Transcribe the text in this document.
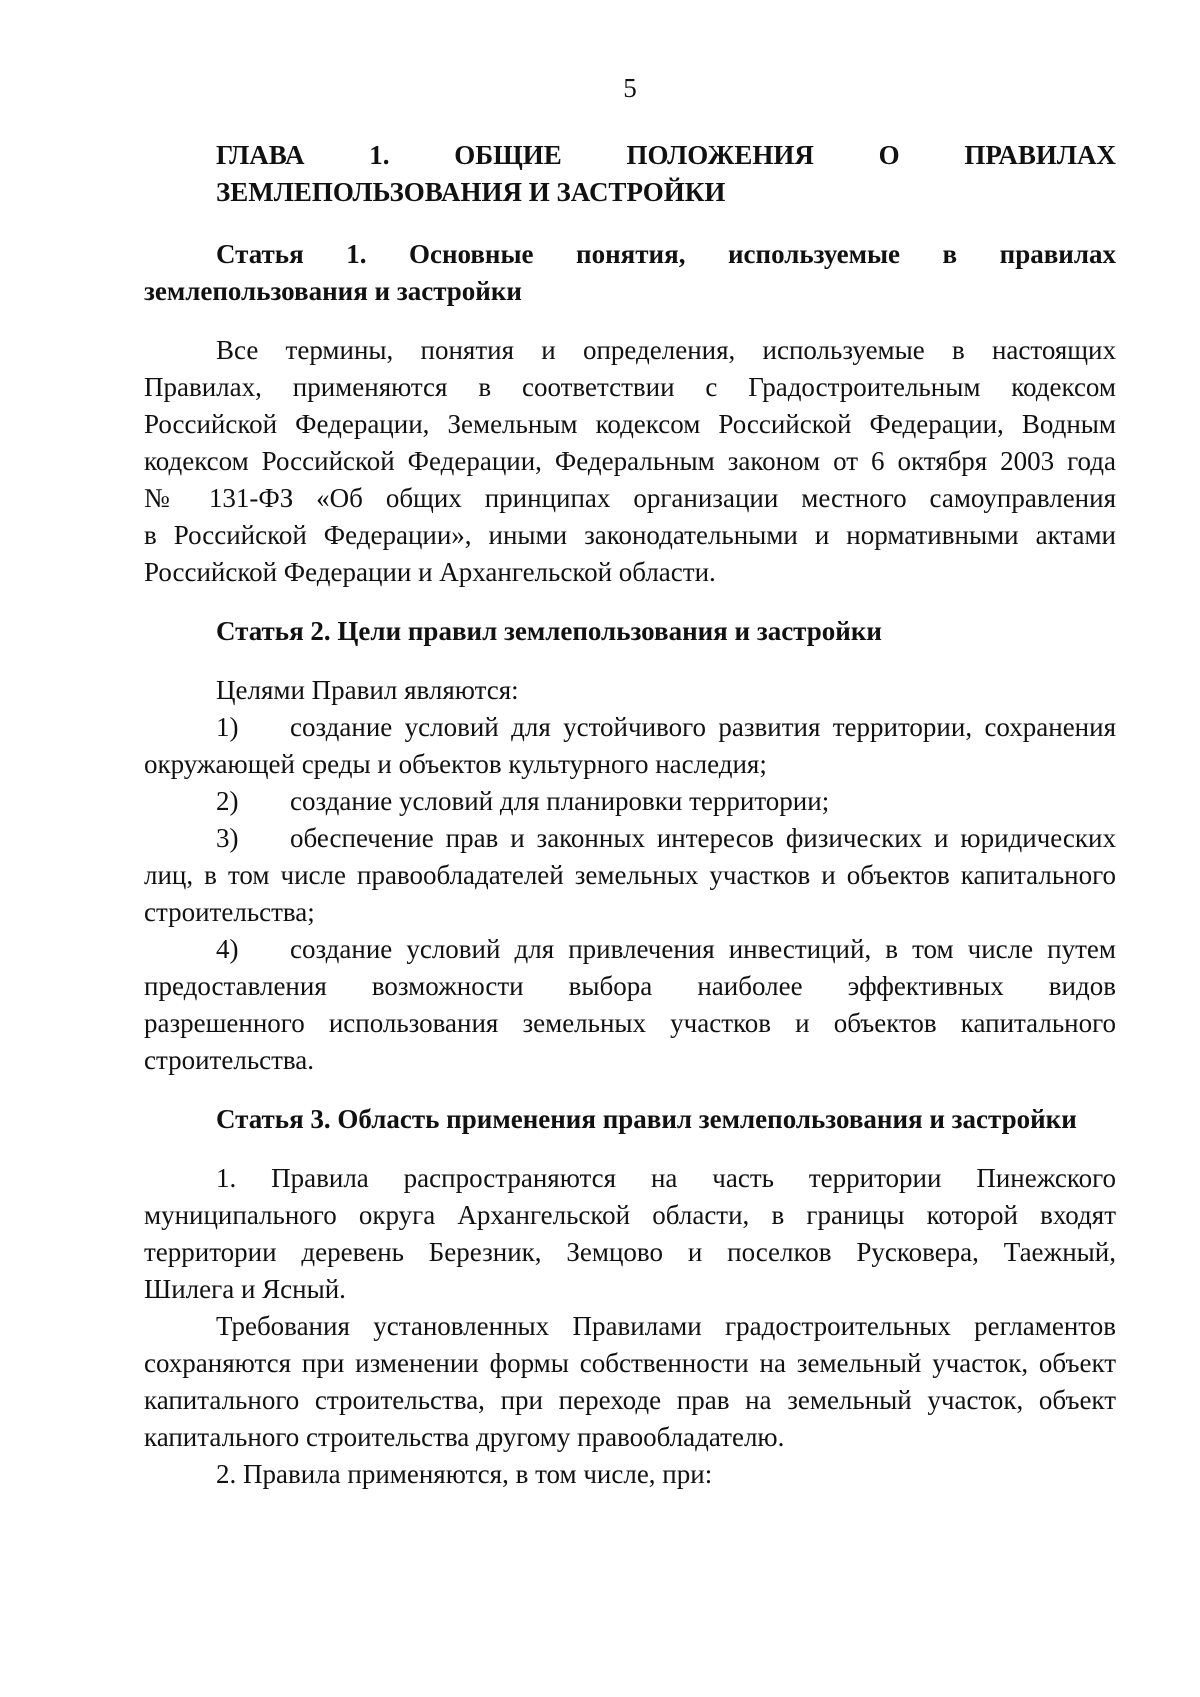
5

ГЛАВА 1. ОБЩИЕ ПОЛОЖЕНИЯ О ПРАВИЛАХ

ЗЕМЛЕПОЛЬЗОВАНИЯ И ЗАСТРОЙКИ

Статья 1. Основные понятия, используемые в правилах

землепользования и застройки

Все термины, понятия и определения, используемые в настоящих

Правилах, применяются в соответствии с Градостроительным кодексом

Российской Федерации, Земельным кодексом Российской Федерации, Водным

кодексом Российской Федерации, Федеральным законом от 6 октября 2003 года

№ 131-ФЗ «Об общих принципах организации местного самоуправления

в Российской Федерации», иными законодательными и нормативными актами

Российской Федерации и Архангельской области.

Статья 2. Цели правил землепользования и застройки

Целями Правил являются:

1)	создание условий для устойчивого развития территории, сохранения

окружающей среды и объектов культурного наследия;

2)	создание условий для планировки территории;
3)	обеспечение прав и законных интересов физических и юридических

лиц, в том числе правообладателей земельных участков и объектов капитального

строительства;

4)	создание условий для привлечения инвестиций, в том числе путем

предоставления возможности выбора наиболее эффективных видов

разрешенного использования земельных участков и объектов капитального

строительства.

Статья 3. Область применения правил землепользования и застройки

1. Правила распространяются на часть территории Пинежского

муниципального округа Архангельской области, в границы которой входят

территории деревень Березник, Земцово и поселков Русковера, Таежный,

Шилега и Ясный.

Требования установленных Правилами градостроительных регламентов

сохраняются при изменении формы собственности на земельный участок, объект

капитального строительства, при переходе прав на земельный участок, объект

капитального строительства другому правообладателю.

2. Правила применяются, в том числе, при:
